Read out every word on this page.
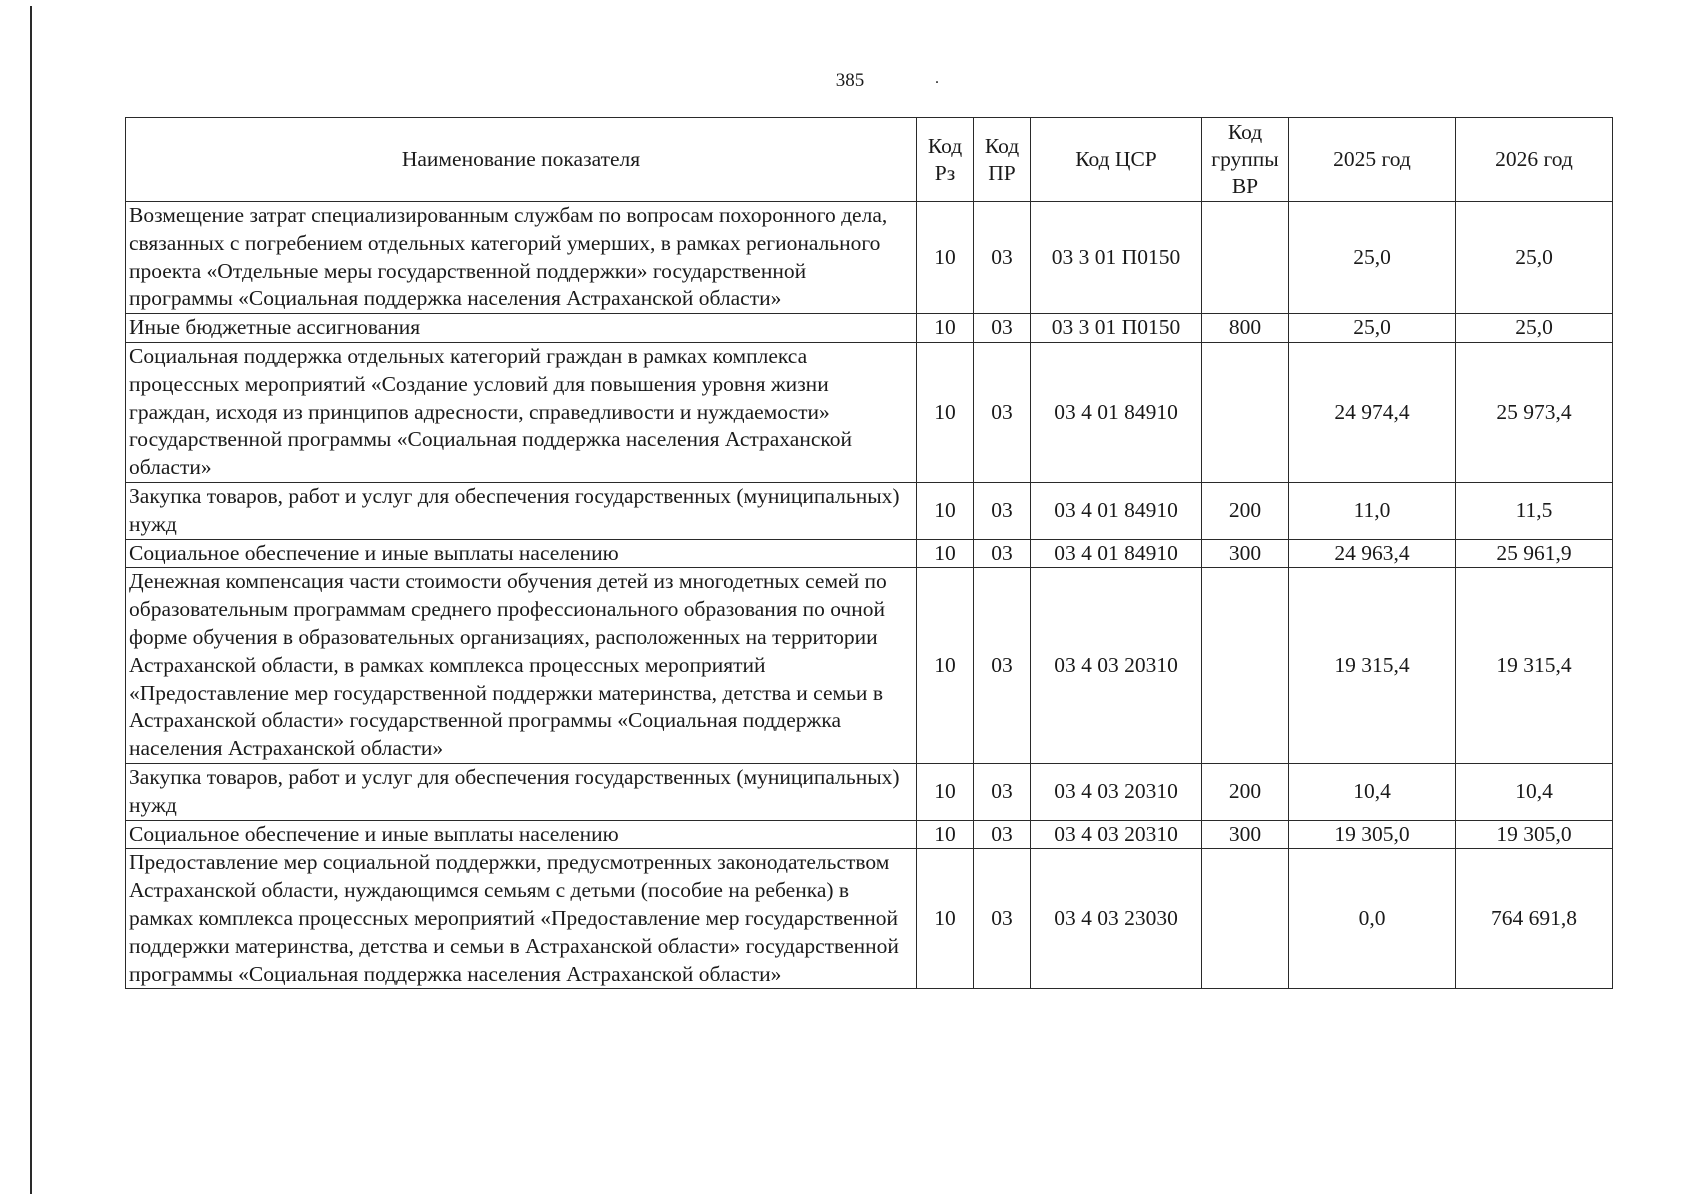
385	.
Наименование показателя	Код Рз	Код ПР	Код ЦСР	Код группы ВР	2025 год	2026 год
Возмещение затрат специализированным службам по вопросам похоронного дела, связанных с погребением отдельных категорий умерших, в рамках регионального проекта «Отдельные меры государственной поддержки» государственной программы «Социальная поддержка населения Астраханской области»	10	03	03 3 01 П0150		25,0	25,0
Иные бюджетные ассигнования	10	03	03 3 01 П0150	800	25,0	25,0
Социальная поддержка отдельных категорий граждан в рамках комплекса процессных мероприятий «Создание условий для повышения уровня жизни граждан, исходя из принципов адресности, справедливости и нуждаемости» государственной программы «Социальная поддержка населения Астраханской области»	10	03	03 4 01 84910		24 974,4	25 973,4
Закупка товаров, работ и услуг для обеспечения государственных (муниципальных) нужд	10	03	03 4 01 84910	200	11,0	11,5
Социальное обеспечение и иные выплаты населению	10	03	03 4 01 84910	300	24 963,4	25 961,9
Денежная компенсация части стоимости обучения детей из многодетных семей по образовательным программам среднего профессионального образования по очной форме обучения в образовательных организациях, расположенных на территории Астраханской области, в рамках комплекса процессных мероприятий «Предоставление мер государственной поддержки материнства, детства и семьи в Астраханской области» государственной программы «Социальная поддержка населения Астраханской области»	10	03	03 4 03 20310		19 315,4	19 315,4
Закупка товаров, работ и услуг для обеспечения государственных (муниципальных) нужд	10	03	03 4 03 20310	200	10,4	10,4
Социальное обеспечение и иные выплаты населению	10	03	03 4 03 20310	300	19 305,0	19 305,0
Предоставление мер социальной поддержки, предусмотренных законодательством Астраханской области, нуждающимся семьям с детьми (пособие на ребенка) в рамках комплекса процессных мероприятий «Предоставление мер государственной поддержки материнства, детства и семьи в Астраханской области» государственной программы «Социальная поддержка населения Астраханской области»	10	03	03 4 03 23030		0,0	764 691,8
